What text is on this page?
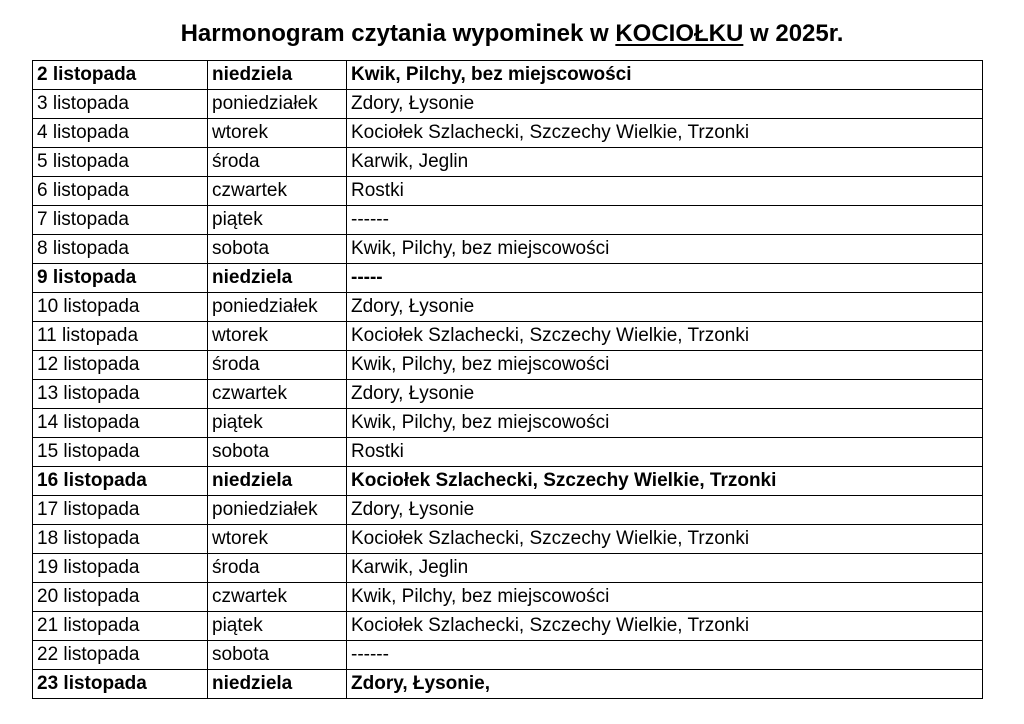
Harmonogram czytania wypominek w KOCIOŁKU w 2025r.
2 listopada	niedziela	Kwik, Pilchy, bez miejscowości
3 listopada	poniedziałek	Zdory, Łysonie
4 listopada	wtorek	Kociołek Szlachecki, Szczechy Wielkie, Trzonki
5 listopada	środa	Karwik, Jeglin
6 listopada	czwartek	Rostki
7 listopada	piątek	------
8 listopada	sobota	Kwik, Pilchy, bez miejscowości
9 listopada	niedziela	-----
10 listopada	poniedziałek	Zdory, Łysonie
11 listopada	wtorek	Kociołek Szlachecki, Szczechy Wielkie, Trzonki
12 listopada	środa	Kwik, Pilchy, bez miejscowości
13 listopada	czwartek	Zdory, Łysonie
14 listopada	piątek	Kwik, Pilchy, bez miejscowości
15 listopada	sobota	Rostki
16 listopada	niedziela	Kociołek Szlachecki, Szczechy Wielkie, Trzonki
17 listopada	poniedziałek	Zdory, Łysonie
18 listopada	wtorek	Kociołek Szlachecki, Szczechy Wielkie, Trzonki
19 listopada	środa	Karwik, Jeglin
20 listopada	czwartek	Kwik, Pilchy, bez miejscowości
21 listopada	piątek	Kociołek Szlachecki, Szczechy Wielkie, Trzonki
22 listopada	sobota	------
23 listopada	niedziela	Zdory, Łysonie,
